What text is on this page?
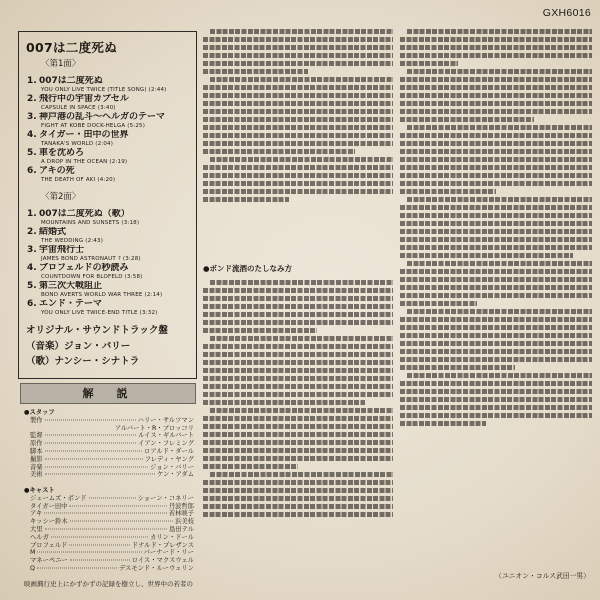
GXH6016
007は二度死ぬ
〈第1面〉
1. 007は二度死ぬ
YOU ONLY LIVE TWICE (TITLE SONG) (2:44)
2. 飛行中の宇宙カプセル
CAPSULE IN SPACE (3:40)
3. 神戸港の乱斗～ヘルガのテーマ
FIGHT AT KOBE DOCK-HELGA (5:25)
4. タイガー・田中の世界
TANAKA'S WORLD (2:04)
5. 車を沈めろ
A DROP IN THE OCEAN (2:19)
6. アキの死
THE DEATH OF AKI (4:20)
〈第2面〉
1. 007は二度死ぬ（歌）
MOUNTAINS AND SUNSETS (3:18)
2. 結婚式
THE WEDDING (2:43)
3. 宇宙飛行士
JAMES BOND ASTRONAUT ? (3:28)
4. ブロフェルドの秒読み
COUNTDOWN FOR BLOFELD (3:58)
5. 第三次大戦阻止
BOND AVERTS WORLD WAR THREE (2:14)
6. エンド・テーマ
YOU ONLY LIVE TWICE-END TITLE (3:32)
オリジナル・サウンドトラック盤
（音楽）ジョン・バリー
（歌）ナンシー・シナトラ
解　説
●スタッフ
製作	ハリー・サルツマン
アルバート・R・ブロッコリ
監督	ルイス・ギルバート
原作	イアン・フレミング
脚本	ロアルド・ダール
撮影	フレディ・ヤング
音楽	ジョン・バリー
美術	ケン・アダム
●キャスト
ジェームズ・ボンド	ショーン・コネリー
タイガー田中	丹波哲郎
アキ	若林映子
キッシー鈴木	浜美枝
大里	島田テル
ヘルガ	カリン・ドール
ブロフェルド	ドナルド・プレザンス
M	バーナード・リー
マネーペニー	ロイス・マクスウェル
Q	デスモンド・ルーウェリン
映画興行史上にかずかずの記録を樹立し、世界中の若者の
●ボンド流酒のたしなみ方
（ユニオン・コルス武田一男）
